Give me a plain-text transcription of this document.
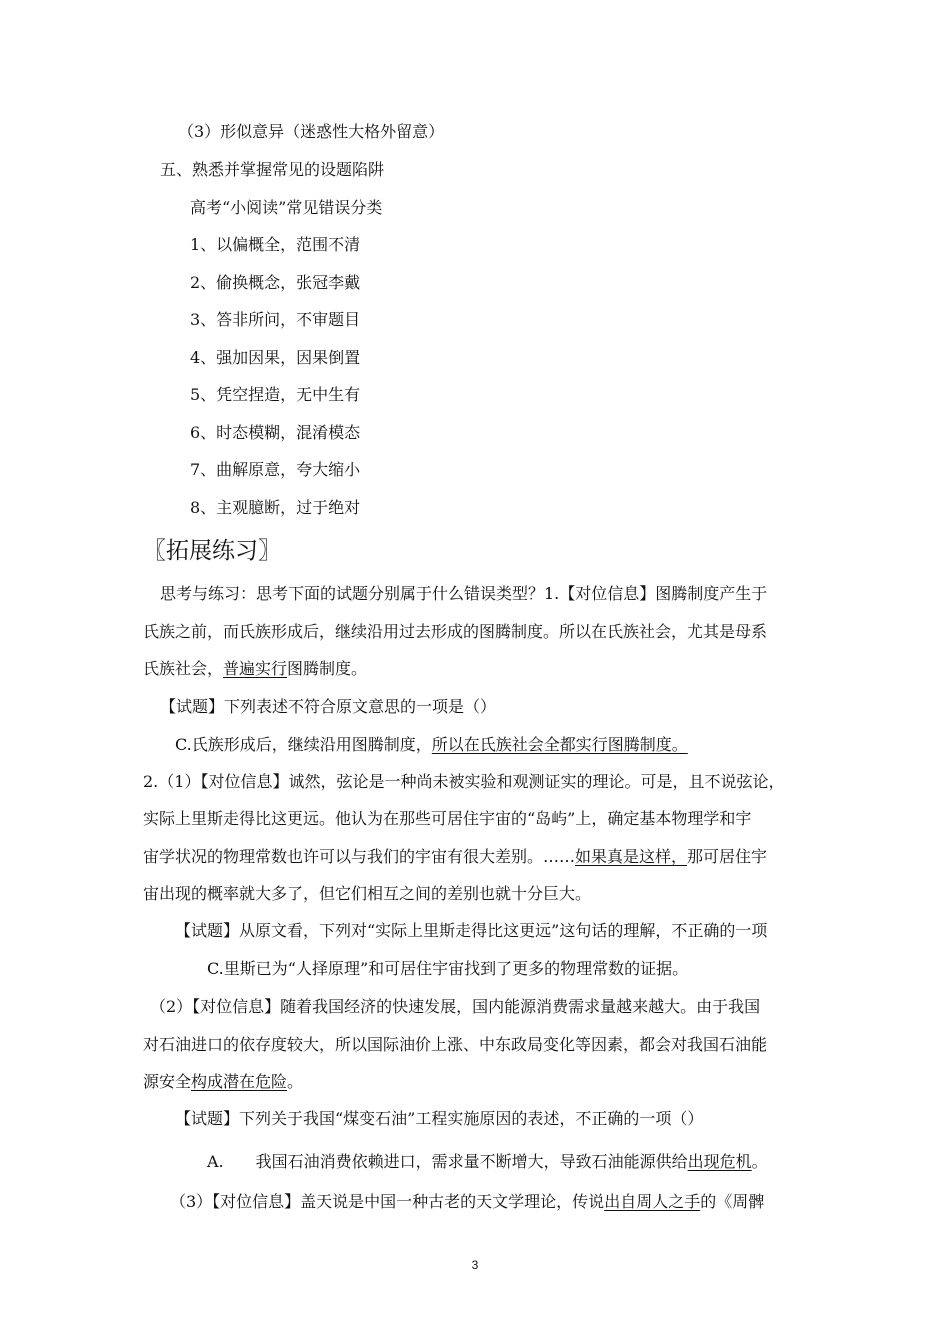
（3）形似意异（迷惑性大格外留意）
五、熟悉并掌握常见的设题陷阱
高考“小阅读”常见错误分类
1、以偏概全，范围不清
2、偷换概念，张冠李戴
3、答非所问，不审题目
4、强加因果，因果倒置
5、凭空捏造，无中生有
6、时态模糊，混淆模态
7、曲解原意，夸大缩小
8、主观臆断，过于绝对
〖拓展练习〗
思考与练习：思考下面的试题分别属于什么错误类型？1.【对位信息】图腾制度产生于
氏族之前，而氏族形成后，继续沿用过去形成的图腾制度。所以在氏族社会，尤其是母系
氏族社会，普遍实行图腾制度。
【试题】下列表述不符合原文意思的一项是（）
C.氏族形成后，继续沿用图腾制度，所以在氏族社会全都实行图腾制度。
2.（1）【对位信息】诚然，弦论是一种尚未被实验和观测证实的理论。可是，且不说弦论，
实际上里斯走得比这更远。他认为在那些可居住宇宙的“岛屿”上，确定基本物理学和宇
宙学状况的物理常数也许可以与我们的宇宙有很大差别。……如果真是这样，那可居住宇
宙出现的概率就大多了，但它们相互之间的差别也就十分巨大。
【试题】从原文看，下列对“实际上里斯走得比这更远”这句话的理解，不正确的一项
C.里斯已为“人择原理”和可居住宇宙找到了更多的物理常数的证据。
（2）【对位信息】随着我国经济的快速发展，国内能源消费需求量越来越大。由于我国
对石油进口的依存度较大，所以国际油价上涨、中东政局变化等因素，都会对我国石油能
源安全构成潜在危险。
【试题】下列关于我国“煤变石油”工程实施原因的表述，不正确的一项（）
A.　　我国石油消费依赖进口，需求量不断增大，导致石油能源供给出现危机。
（3）【对位信息】盖天说是中国一种古老的天文学理论，传说出自周人之手的《周髀
3
